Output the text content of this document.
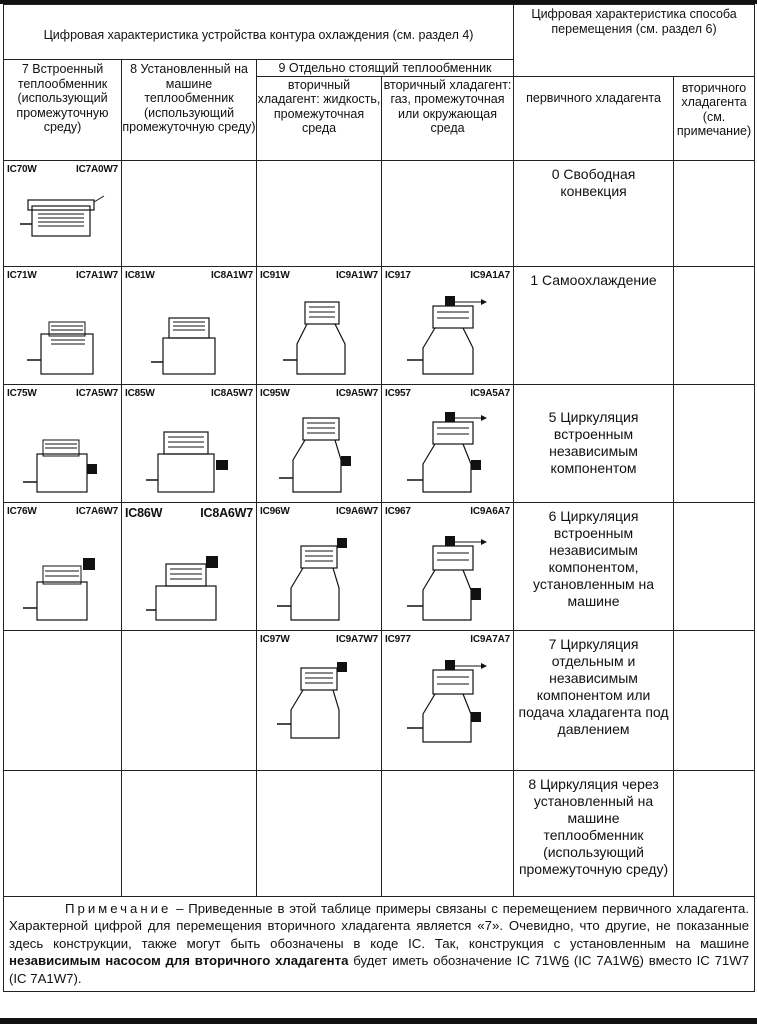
Цифровая характеристика устройства контура охлаждения (см. раздел 4)				Цифровая характеристика способа перемещения (см. раздел 6)	
7 Встроенный теплообменник (использующий промежуточную среду)	8 Установленный на машине теплообменник (использующий промежуточную среду)	9 Отдельно стоящий теплообменник			
		вторичный хладагент: жидкость, промежуточная среда	вторичный хладагент: газ, промежуточная или окружающая среда	первичного хладагента	вторичного хладагента (см. примечание)

IC70W IC7A0W7				0 Свободная конвекция	

IC71W IC7A1W7	IC81W IC8A1W7	IC91W IC9A1W7	IC917 IC9A1A7	1 Самоохлаждение	

IC75W IC7A5W7	IC85W IC8A5W7	IC95W IC9A5W7	IC957 IC9A5A7	5 Циркуляция встроенным независимым компонентом	

IC76W IC7A6W7	IC86W IC8A6W7	IC96W IC9A6W7	IC967 IC9A6A7	6 Циркуляция встроенным независимым компонентом, установленным на машине	

		IC97W IC9A7W7	IC977 IC9A7A7	7 Циркуляция отдельным и независимым компонентом или подача хладагента под давлением	
				8 Циркуляция через установленный на машине теплообменник (использующий промежуточную среду)	
Примечание – Приведенные в этой таблице примеры связаны с перемещением первичного хладагента. Характерной цифрой для перемещения вторичного хладагента является «7». Очевидно, что другие, не показанные здесь конструкции, также могут быть обозначены в коде IC. Так, конструкция с установленным на машине независимым насосом для вторичного хладагента будет иметь обозначение IC 71W6 (IC 7A1W6) вместо IC 71W7 (IC 7A1W7).					
